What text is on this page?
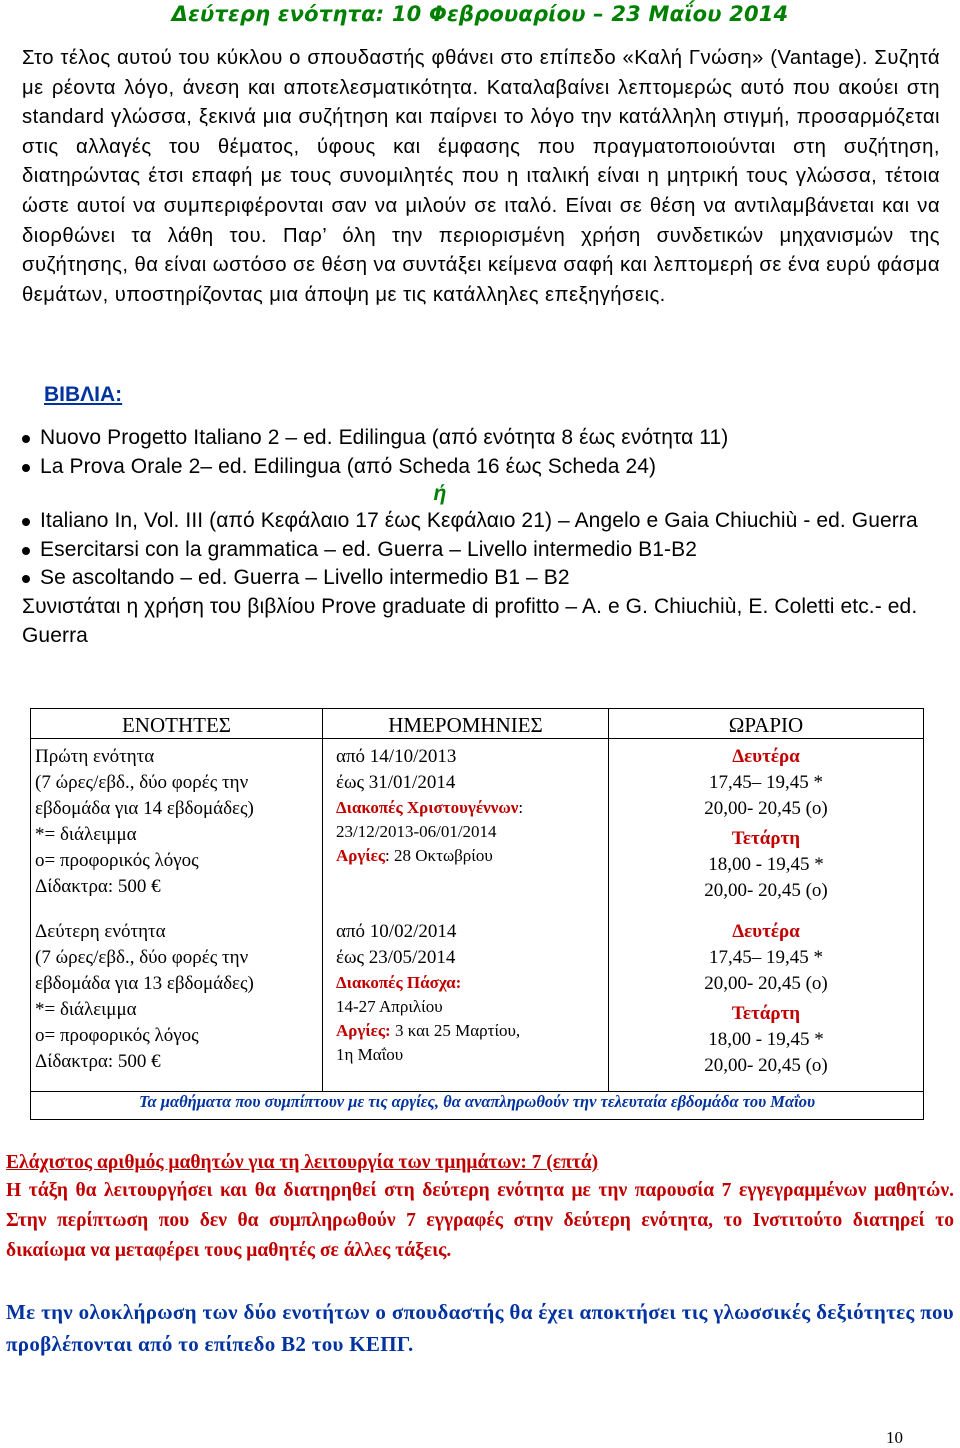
Δεύτερη ενότητα: 10 Φεβρουαρίου – 23 Μαΐου 2014

Στο τέλος αυτού του κύκλου ο σπουδαστής φθάνει στο επίπεδο «Καλή Γνώση» (Vantage). Συζητά με ρέοντα λόγο, άνεση και αποτελεσματικότητα. Καταλαβαίνει λεπτομερώς αυτό που ακούει στη standard γλώσσα, ξεκινά μια συζήτηση και παίρνει το λόγο την κατάλληλη στιγμή, προσαρμόζεται στις αλλαγές του θέματος, ύφους και έμφασης που πραγματοποιούνται στη συζήτηση, διατηρώντας έτσι επαφή με τους συνομιλητές που η ιταλική είναι η μητρική τους γλώσσα, τέτοια ώστε αυτοί να συμπεριφέρονται σαν να μιλούν σε ιταλό. Είναι σε θέση να αντιλαμβάνεται και να διορθώνει τα λάθη του. Παρ’ όλη την περιορισμένη χρήση συνδετικών μηχανισμών της συζήτησης, θα είναι ωστόσο σε θέση να συντάξει κείμενα σαφή και λεπτομερή σε ένα ευρύ φάσμα θεμάτων, υποστηρίζοντας μια άποψη με τις κατάλληλες επεξηγήσεις.

ΒΙΒΛΙΑ:
Nuovo Progetto Italiano 2 – ed. Edilingua (από ενότητα 8 έως ενότητα 11)
La Prova Orale 2– ed. Edilingua (από Scheda 16 έως Scheda 24)
ή
Italiano In, Vol. III (από Κεφάλαιο 17 έως Κεφάλαιο 21) – Angelo e Gaia Chiuchiù - ed. Guerra
Esercitarsi con la grammatica – ed. Guerra – Livello intermedio B1-B2
Se ascoltando – ed. Guerra – Livello intermedio B1 – B2
Συνιστάται η χρήση του βιβλίου Prove graduate di profitto – A. e G. Chiuchiù, E. Coletti etc.- ed. Guerra
ΕΝΟΤΗΤΕΣ	ΗΜΕΡΟΜΗΝΙΕΣ	ΩΡΑΡΙΟ
Πρώτη ενότητα
(7 ώρες/εβδ., δύο φορές την
εβδομάδα για 14 εβδομάδες)
*= διάλειμμα
ο= προφορικός λόγος
Δίδακτρα: 500 €
από 14/10/2013
έως 31/01/2014
Διακοπές Χριστουγέννων:
23/12/2013-06/01/2014
Αργίες: 28 Οκτωβρίου
Δευτέρα
17,45– 19,45 *
20,00- 20,45 (ο)
Τετάρτη
18,00 - 19,45 *
20,00- 20,45 (ο)
Δεύτερη ενότητα
(7 ώρες/εβδ., δύο φορές την
εβδομάδα για 13 εβδομάδες)
*= διάλειμμα
ο= προφορικός λόγος
Δίδακτρα: 500 €
από 10/02/2014
έως 23/05/2014
Διακοπές Πάσχα:
14-27 Απριλίου
Αργίες: 3 και 25 Μαρτίου,
1η Μαΐου
Δευτέρα
17,45– 19,45 *
20,00- 20,45 (ο)
Τετάρτη
18,00 - 19,45 *
20,00- 20,45 (ο)
Τα μαθήματα που συμπίπτουν με τις αργίες, θα αναπληρωθούν την τελευταία εβδομάδα του Μαΐου
Ελάχιστος αριθμός μαθητών για τη λειτουργία των τμημάτων: 7 (επτά)
Η τάξη θα λειτουργήσει και θα διατηρηθεί στη δεύτερη ενότητα με την παρουσία 7 εγγεγραμμένων μαθητών. Στην περίπτωση που δεν θα συμπληρωθούν 7 εγγραφές στην δεύτερη ενότητα, το Ινστιτούτο διατηρεί το δικαίωμα να μεταφέρει τους μαθητές σε άλλες τάξεις.
Με την ολοκλήρωση των δύο ενοτήτων ο σπουδαστής θα έχει αποκτήσει τις γλωσσικές δεξιότητες που προβλέπονται από το επίπεδο B2 του ΚΕΠΓ.
10
